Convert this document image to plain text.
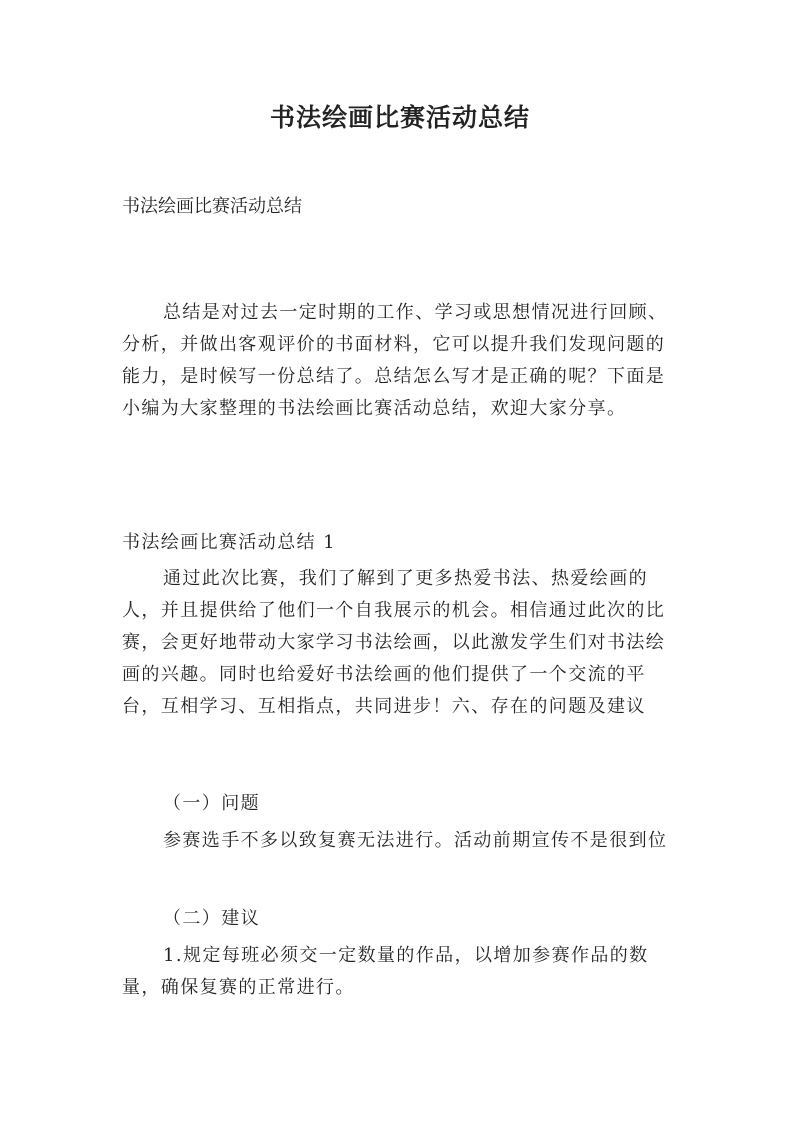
书法绘画比赛活动总结
书法绘画比赛活动总结
总结是对过去一定时期的工作、学习或思想情况进行回顾、分析，并做出客观评价的书面材料，它可以提升我们发现问题的能力，是时候写一份总结了。总结怎么写才是正确的呢？下面是小编为大家整理的书法绘画比赛活动总结，欢迎大家分享。
书法绘画比赛活动总结 1
通过此次比赛，我们了解到了更多热爱书法、热爱绘画的人，并且提供给了他们一个自我展示的机会。相信通过此次的比赛，会更好地带动大家学习书法绘画，以此激发学生们对书法绘画的兴趣。同时也给爱好书法绘画的他们提供了一个交流的平台，互相学习、互相指点，共同进步！六、存在的问题及建议
（一）问题
参赛选手不多以致复赛无法进行。活动前期宣传不是很到位
（二）建议
1.规定每班必须交一定数量的作品，以增加参赛作品的数量，确保复赛的正常进行。
